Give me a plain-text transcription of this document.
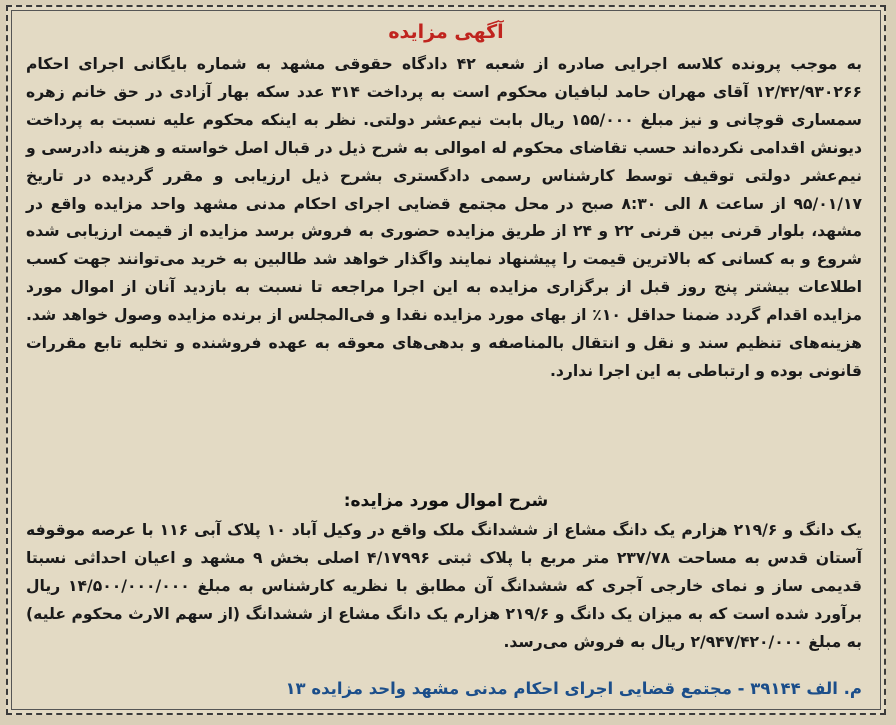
آگهی مزایده
به موجب پرونده کلاسه اجرایی صادره از شعبه ۴۲ دادگاه حقوقی مشهد به شماره بایگانی اجرای احکام ۱۲/۴۲/۹۳۰۲۶۶ آقای مهران حامد لبافیان محکوم است به پرداخت ۳۱۴ عدد سکه بهار آزادی در حق خانم زهره سمساری قوچانی و نیز مبلغ ۱۵۵/۰۰۰ ریال بابت نیم‌عشر دولتی. نظر به اینکه محکوم علیه نسبت به پرداخت دیونش اقدامی نکرده‌اند حسب تقاضای محکوم له اموالی به شرح ذیل در قبال اصل خواسته و هزینه دادرسی و نیم‌عشر دولتی توقیف توسط کارشناس رسمی دادگستری بشرح ذیل ارزیابی و مقرر گردیده در تاریخ ۹۵/۰۱/۱۷ از ساعت ۸ الی ۸:۳۰ صبح در محل مجتمع قضایی اجرای احکام مدنی مشهد واحد مزایده واقع در مشهد، بلوار قرنی بین قرنی ۲۲ و ۲۴ از طریق مزایده حضوری به فروش برسد مزایده از قیمت ارزیابی شده شروع و به کسانی که بالاترین قیمت را پیشنهاد نمایند واگذار خواهد شد طالبین به خرید می‌توانند جهت کسب اطلاعات بیشتر پنج روز قبل از برگزاری مزایده به این اجرا مراجعه تا نسبت به بازدید آنان از اموال مورد مزایده اقدام گردد ضمنا حداقل ۱۰٪ از بهای مورد مزایده نقدا و فی‌المجلس از برنده مزایده وصول خواهد شد. هزینه‌های تنظیم سند و نقل و انتقال بالمناصفه و بدهی‌های معوقه به عهده فروشنده و تخلیه تابع مقررات قانونی بوده و ارتباطی به این اجرا ندارد.
شرح اموال مورد مزایده:
یک دانگ و ۲۱۹/۶ هزارم یک دانگ مشاع از ششدانگ ملک واقع در وکیل آباد ۱۰ پلاک آبی ۱۱۶ با عرصه موقوفه آستان قدس به مساحت ۲۳۷/۷۸ متر مربع با پلاک ثبتی ۴/۱۷۹۹۶ اصلی بخش ۹ مشهد و اعیان احداثی نسبتا قدیمی ساز و نمای خارجی آجری که ششدانگ آن مطابق با نظریه کارشناس به مبلغ ۱۴/۵۰۰/۰۰۰/۰۰۰ ریال برآورد شده است که به میزان یک دانگ و ۲۱۹/۶ هزارم یک دانگ مشاع از ششدانگ (از سهم الارث محکوم علیه) به مبلغ ۲/۹۴۷/۴۲۰/۰۰۰ ریال به فروش می‌رسد.
م. الف ۳۹۱۴۴ - مجتمع قضایی اجرای احکام مدنی مشهد واحد مزایده ۱۳
